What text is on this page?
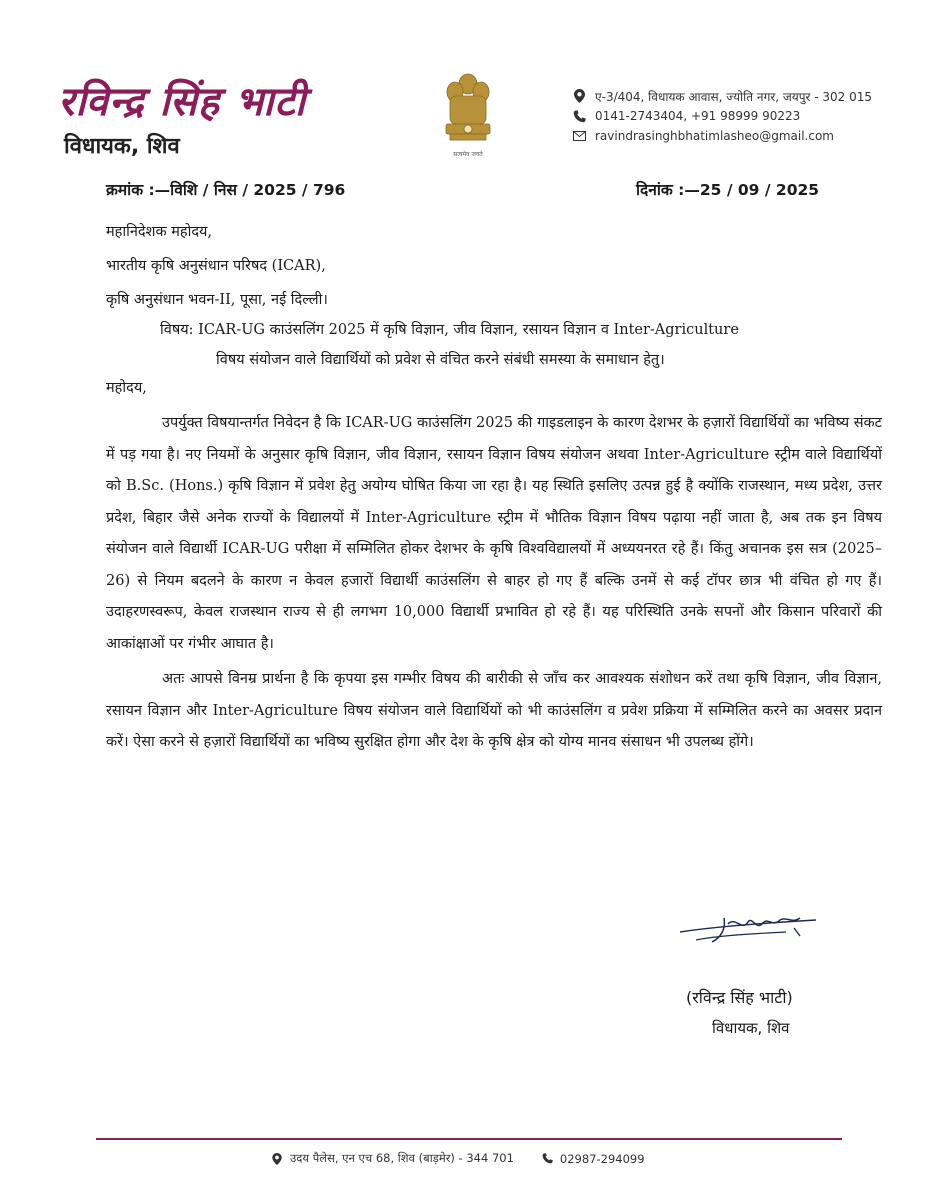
रविन्द्र सिंह भाटी
विधायक, शिव	सत्यमेव जयते
ए-3/404, विधायक आवास, ज्योति नगर, जयपुर - 302 015
0141-2743404, +91 98999 90223
ravindrasinghbhatimlasheo@gmail.com
क्रमांक :—विशि / निस / 2025 / 796	दिनांक :—25 / 09 / 2025
महानिदेशक महोदय,
भारतीय कृषि अनुसंधान परिषद (ICAR),
कृषि अनुसंधान भवन-II, पूसा, नई दिल्ली।
विषय: ICAR-UG काउंसलिंग 2025 में कृषि विज्ञान, जीव विज्ञान, रसायन विज्ञान व Inter-Agriculture
विषय संयोजन वाले विद्यार्थियों को प्रवेश से वंचित करने संबंधी समस्या के समाधान हेतु।
महोदय,

उपर्युक्त विषयान्तर्गत निवेदन है कि ICAR-UG काउंसलिंग 2025 की गाइडलाइन के कारण देशभर के हज़ारों विद्यार्थियों का भविष्य संकट में पड़ गया है। नए नियमों के अनुसार कृषि विज्ञान, जीव विज्ञान, रसायन विज्ञान विषय संयोजन अथवा Inter-Agriculture स्ट्रीम वाले विद्यार्थियों को B.Sc. (Hons.) कृषि विज्ञान में प्रवेश हेतु अयोग्य घोषित किया जा रहा है। यह स्थिति इसलिए उत्पन्न हुई है क्योंकि राजस्थान, मध्य प्रदेश, उत्तर प्रदेश, बिहार जैसे अनेक राज्यों के विद्यालयों में Inter-Agriculture स्ट्रीम में भौतिक विज्ञान विषय पढ़ाया नहीं जाता है, अब तक इन विषय संयोजन वाले विद्यार्थी ICAR-UG परीक्षा में सम्मिलित होकर देशभर के कृषि विश्वविद्यालयों में अध्ययनरत रहे हैं। किंतु अचानक इस सत्र (2025–26) से नियम बदलने के कारण न केवल हजारों विद्यार्थी काउंसलिंग से बाहर हो गए हैं बल्कि उनमें से कई टॉपर छात्र भी वंचित हो गए हैं। उदाहरणस्वरूप, केवल राजस्थान राज्य से ही लगभग 10,000 विद्यार्थी प्रभावित हो रहे हैं। यह परिस्थिति उनके सपनों और किसान परिवारों की आकांक्षाओं पर गंभीर आघात है।

अतः आपसे विनम्र प्रार्थना है कि कृपया इस गम्भीर विषय की बारीकी से जाँच कर आवश्यक संशोधन करें तथा कृषि विज्ञान, जीव विज्ञान, रसायन विज्ञान और Inter-Agriculture विषय संयोजन वाले विद्यार्थियों को भी काउंसलिंग व प्रवेश प्रक्रिया में सम्मिलित करने का अवसर प्रदान करें। ऐसा करने से हज़ारों विद्यार्थियों का भविष्य सुरक्षित होगा और देश के कृषि क्षेत्र को योग्य मानव संसाधन भी उपलब्ध होंगे।

(रविन्द्र सिंह भाटी)
विधायक, शिव
उदय पैलेस, एन एच 68, शिव (बाड़मेर) - 344 701	02987-294099
